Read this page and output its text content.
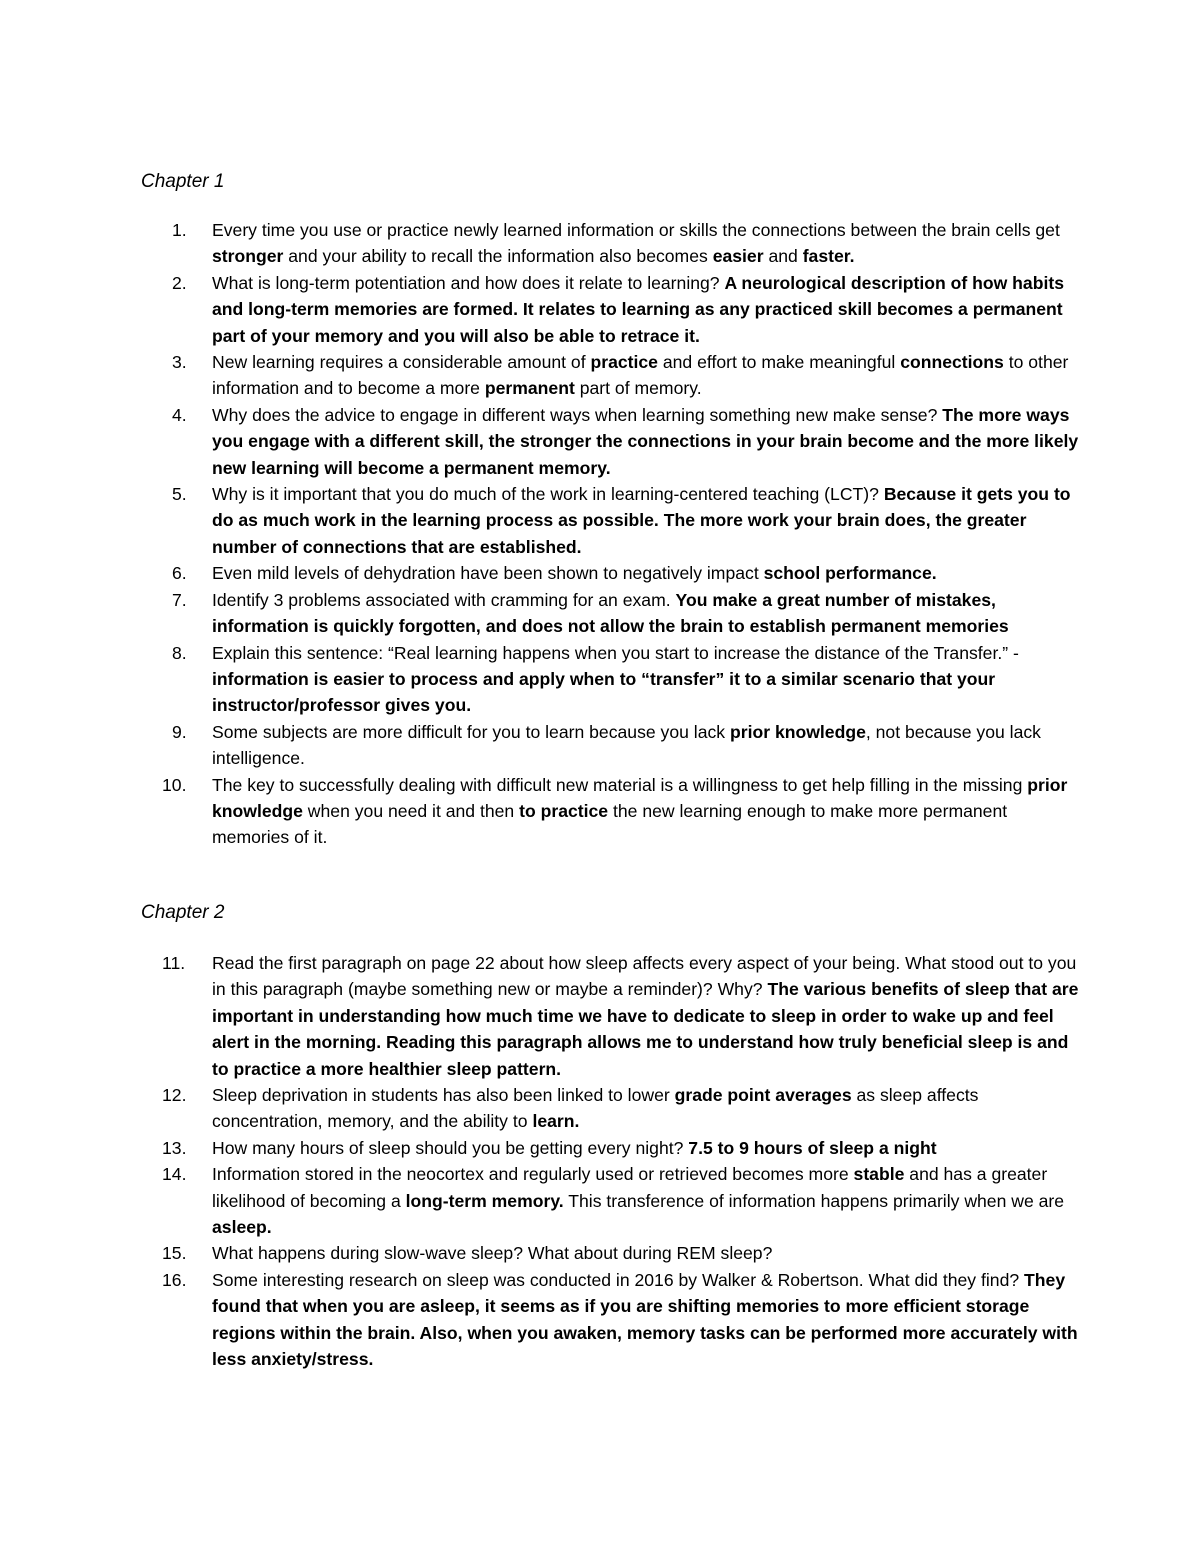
Chapter 1
1. Every time you use or practice newly learned information or skills the connections between the brain cells get stronger and your ability to recall the information also becomes easier and faster.
2. What is long-term potentiation and how does it relate to learning? A neurological description of how habits and long-term memories are formed. It relates to learning as any practiced skill becomes a permanent part of your memory and you will also be able to retrace it.
3. New learning requires a considerable amount of practice and effort to make meaningful connections to other information and to become a more permanent part of memory.
4. Why does the advice to engage in different ways when learning something new make sense? The more ways you engage with a different skill, the stronger the connections in your brain become and the more likely new learning will become a permanent memory.
5. Why is it important that you do much of the work in learning-centered teaching (LCT)? Because it gets you to do as much work in the learning process as possible. The more work your brain does, the greater number of connections that are established.
6. Even mild levels of dehydration have been shown to negatively impact school performance.
7. Identify 3 problems associated with cramming for an exam. You make a great number of mistakes, information is quickly forgotten, and does not allow the brain to establish permanent memories
8. Explain this sentence: “Real learning happens when you start to increase the distance of the Transfer.” - information is easier to process and apply when to “transfer” it to a similar scenario that your instructor/professor gives you.
9. Some subjects are more difficult for you to learn because you lack prior knowledge, not because you lack intelligence.
10. The key to successfully dealing with difficult new material is a willingness to get help filling in the missing prior knowledge when you need it and then to practice the new learning enough to make more permanent memories of it.
Chapter 2
11. Read the first paragraph on page 22 about how sleep affects every aspect of your being. What stood out to you in this paragraph (maybe something new or maybe a reminder)? Why? The various benefits of sleep that are important in understanding how much time we have to dedicate to sleep in order to wake up and feel alert in the morning. Reading this paragraph allows me to understand how truly beneficial sleep is and to practice a more healthier sleep pattern.
12. Sleep deprivation in students has also been linked to lower grade point averages as sleep affects concentration, memory, and the ability to learn.
13. How many hours of sleep should you be getting every night? 7.5 to 9 hours of sleep a night
14. Information stored in the neocortex and regularly used or retrieved becomes more stable and has a greater likelihood of becoming a long-term memory. This transference of information happens primarily when we are asleep.
15. What happens during slow-wave sleep? What about during REM sleep?
16. Some interesting research on sleep was conducted in 2016 by Walker & Robertson. What did they find? They found that when you are asleep, it seems as if you are shifting memories to more efficient storage regions within the brain. Also, when you awaken, memory tasks can be performed more accurately with less anxiety/stress.
